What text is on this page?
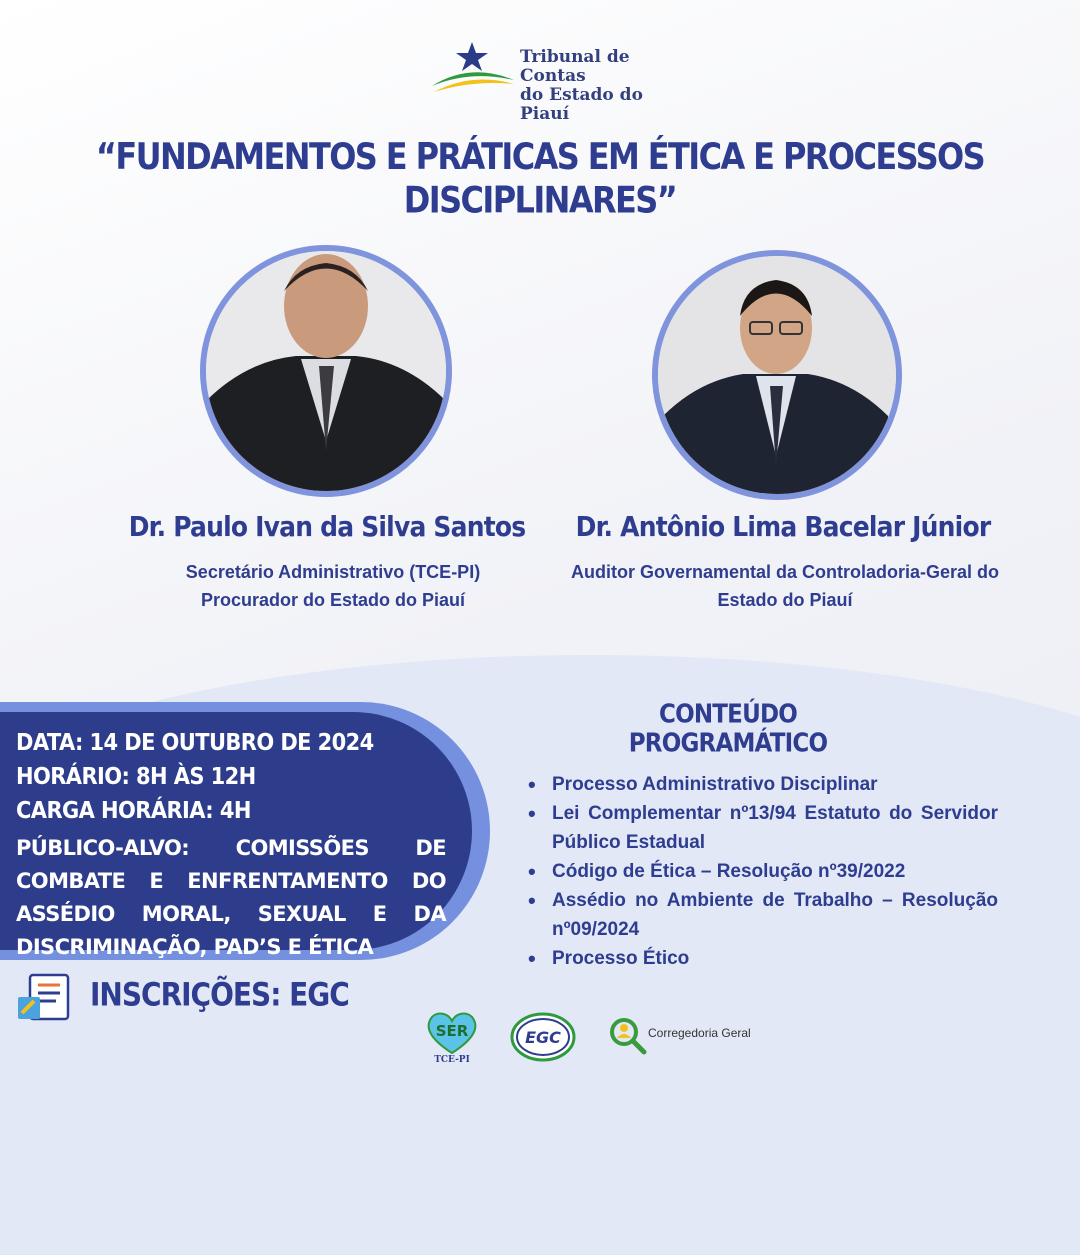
Tribunal de Contas
do Estado do Piauí
“FUNDAMENTOS E PRÁTICAS EM ÉTICA E PROCESSOS DISCIPLINARES”
Dr. Paulo Ivan da Silva Santos
Secretário Administrativo (TCE-PI)
Procurador do Estado do Piauí
Dr. Antônio Lima Bacelar Júnior
Auditor Governamental da Controladoria-Geral do
Estado do Piauí
DATA: 14 DE OUTUBRO DE 2024
HORÁRIO: 8H ÀS 12H
CARGA HORÁRIA: 4H
PÚBLICO-ALVO: COMISSÕES DE COMBATE E ENFRENTAMENTO DO ASSÉDIO MORAL, SEXUAL E DA DISCRIMINAÇÃO, PAD’S E ÉTICA
CONTEÚDO PROGRAMÁTICO
• Processo Administrativo Disciplinar
• Lei Complementar nº13/94 Estatuto do Servidor Público Estadual
• Código de Ética – Resolução nº39/2022
• Assédio no Ambiente de Trabalho – Resolução nº09/2024
• Processo Ético
INSCRIÇÕES: EGC
SER
TCE-PI
EGC	Corregedoria Geral
